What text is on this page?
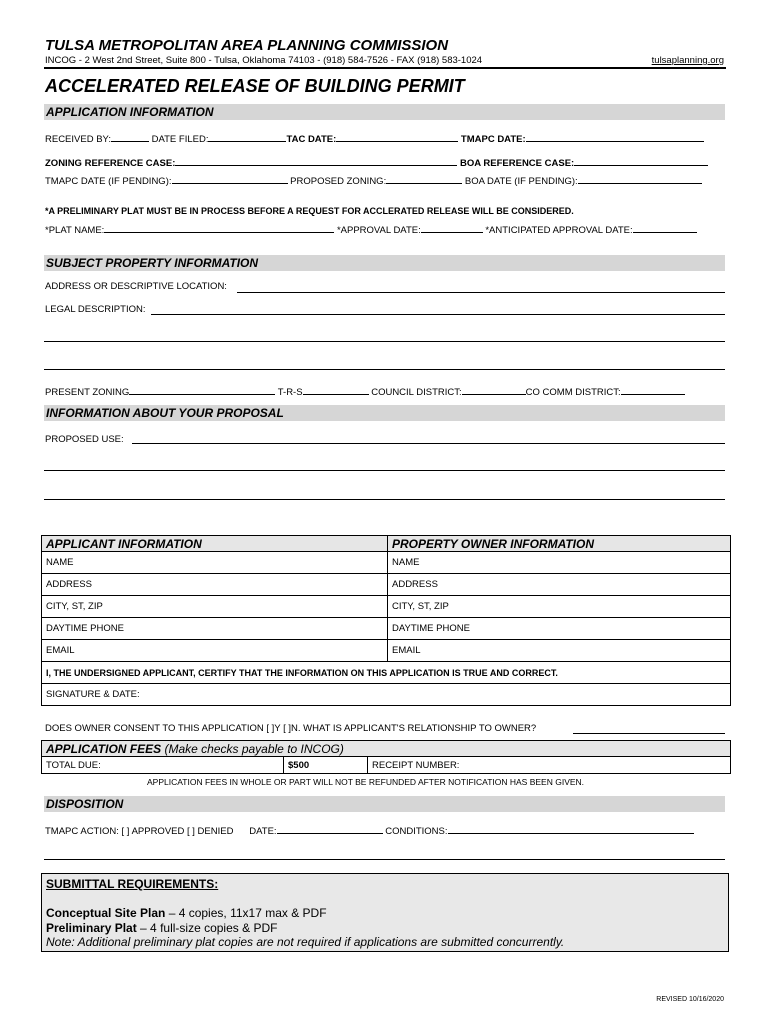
TULSA METROPOLITAN AREA PLANNING COMMISSION
INCOG - 2 West 2nd Street, Suite 800 - Tulsa, Oklahoma 74103 - (918) 584-7526 - FAX (918) 583-1024	tulsaplanning.org
ACCELERATED RELEASE OF BUILDING PERMIT
APPLICATION INFORMATION
RECEIVED BY:	DATE FILED:	TAC DATE:	TMAPC DATE:
ZONING REFERENCE CASE:	BOA REFERENCE CASE:
TMAPC DATE (IF PENDING):	PROPOSED ZONING:	BOA DATE (IF PENDING):
*A PRELIMINARY PLAT MUST BE IN PROCESS BEFORE A REQUEST FOR ACCLERATED RELEASE WILL BE CONSIDERED.
*PLAT NAME:	*APPROVAL DATE:	*ANTICIPATED APPROVAL DATE:
SUBJECT PROPERTY INFORMATION
ADDRESS OR DESCRIPTIVE LOCATION:
LEGAL DESCRIPTION:
PRESENT ZONING	T-R-S	COUNCIL DISTRICT:	CO COMM DISTRICT:
INFORMATION ABOUT YOUR PROPOSAL
PROPOSED USE:
APPLICANT INFORMATION	PROPERTY OWNER INFORMATION
NAME	NAME
ADDRESS	ADDRESS
CITY, ST, ZIP	CITY, ST, ZIP
DAYTIME PHONE	DAYTIME PHONE
EMAIL	EMAIL
I, THE UNDERSIGNED APPLICANT, CERTIFY THAT THE INFORMATION ON THIS APPLICATION IS TRUE AND CORRECT.	
SIGNATURE & DATE:	
DOES OWNER CONSENT TO THIS APPLICATION [ ]Y [ ]N. WHAT IS APPLICANT'S RELATIONSHIP TO OWNER?
APPLICATION FEES (Make checks payable to INCOG)
TOTAL DUE:	$500	RECEIPT NUMBER:
APPLICATION FEES IN WHOLE OR PART WILL NOT BE REFUNDED AFTER NOTIFICATION HAS BEEN GIVEN.
DISPOSITION
TMAPC ACTION: [ ] APPROVED [ ] DENIED DATE:	CONDITIONS:
SUBMITTAL REQUIREMENTS:
Conceptual Site Plan – 4 copies, 11x17 max & PDF
Preliminary Plat – 4 full-size copies & PDF
Note: Additional preliminary plat copies are not required if applications are submitted concurrently.
REVISED 10/16/2020
